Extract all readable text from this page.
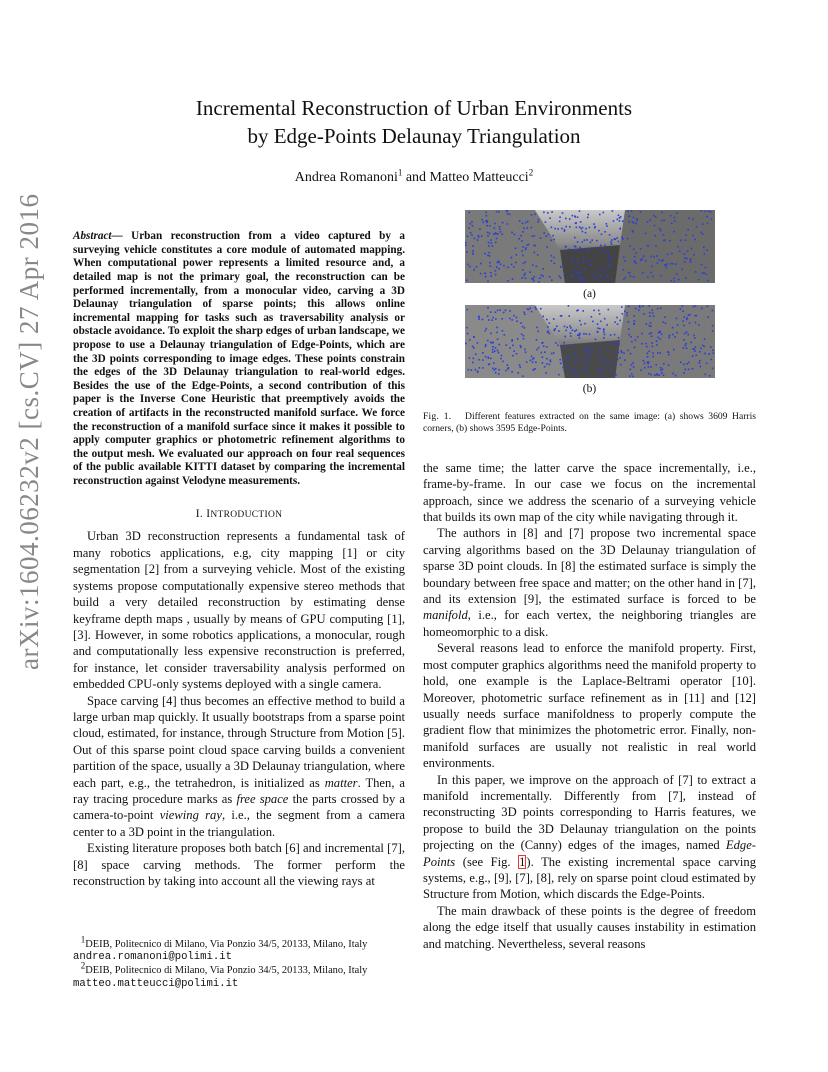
arXiv:1604.06232v2 [cs.CV] 27 Apr 2016
Incremental Reconstruction of Urban Environments
by Edge-Points Delaunay Triangulation
Andrea Romanoni$^1$ and Matteo Matteucci$^2$

Abstract— Urban reconstruction from a video captured by a surveying vehicle constitutes a core module of automated mapping. When computational power represents a limited resource and, a detailed map is not the primary goal, the reconstruction can be performed incrementally, from a monocular video, carving a 3D Delaunay triangulation of sparse points; this allows online incremental mapping for tasks such as traversability analysis or obstacle avoidance. To exploit the sharp edges of urban landscape, we propose to use a Delaunay triangulation of Edge-Points, which are the 3D points corresponding to image edges. These points constrain the edges of the 3D Delaunay triangulation to real-world edges. Besides the use of the Edge-Points, a second contribution of this paper is the Inverse Cone Heuristic that preemptively avoids the creation of artifacts in the reconstructed manifold surface. We force the reconstruction of a manifold surface since it makes it possible to apply computer graphics or photometric refinement algorithms to the output mesh. We evaluated our approach on four real sequences of the public available KITTI dataset by comparing the incremental reconstruction against Velodyne measurements.

I. INTRODUCTION

Urban 3D reconstruction represents a fundamental task of many robotics applications, e.g, city mapping [1] or city segmentation [2] from a surveying vehicle. Most of the existing systems propose computationally expensive stereo methods that build a very detailed reconstruction by estimating dense keyframe depth maps , usually by means of GPU computing [1], [3]. However, in some robotics applications, a monocular, rough and computationally less expensive reconstruction is preferred, for instance, let consider traversability analysis performed on embedded CPU-only systems deployed with a single camera.

Space carving [4] thus becomes an effective method to build a large urban map quickly. It usually bootstraps from a sparse point cloud, estimated, for instance, through Structure from Motion [5]. Out of this sparse point cloud space carving builds a convenient partition of the space, usually a 3D Delaunay triangulation, where each part, e.g., the tetrahedron, is initialized as matter. Then, a ray tracing procedure marks as free space the parts crossed by a camera-to-point viewing ray, i.e., the segment from a camera center to a 3D point in the triangulation.

Existing literature proposes both batch [6] and incremental [7], [8] space carving methods. The former perform the reconstruction by taking into account all the viewing rays at

$^1$DEIB, Politecnico di Milano, Via Ponzio 34/5, 20133, Milano, Italy
andrea.romanoni@polimi.it
$^2$DEIB, Politecnico di Milano, Via Ponzio 34/5, 20133, Milano, Italy
matteo.matteucci@polimi.it
(a)
(b)
Fig. 1. Different features extracted on the same image: (a) shows 3609 Harris corners, (b) shows 3595 Edge-Points.

the same time; the latter carve the space incrementally, i.e., frame-by-frame. In our case we focus on the incremental approach, since we address the scenario of a surveying vehicle that builds its own map of the city while navigating through it.

The authors in [8] and [7] propose two incremental space carving algorithms based on the 3D Delaunay triangulation of sparse 3D point clouds. In [8] the estimated surface is simply the boundary between free space and matter; on the other hand in [7], and its extension [9], the estimated surface is forced to be manifold, i.e., for each vertex, the neighboring triangles are homeomorphic to a disk.

Several reasons lead to enforce the manifold property. First, most computer graphics algorithms need the manifold property to hold, one example is the Laplace-Beltrami operator [10]. Moreover, photometric surface refinement as in [11] and [12] usually needs surface manifoldness to properly compute the gradient flow that minimizes the photometric error. Finally, non-manifold surfaces are usually not realistic in real world environments.

In this paper, we improve on the approach of [7] to extract a manifold incrementally. Differently from [7], instead of reconstructing 3D points corresponding to Harris features, we propose to build the 3D Delaunay triangulation on the points projecting on the (Canny) edges of the images, named Edge-Points (see Fig. 1). The existing incremental space carving systems, e.g., [9], [7], [8], rely on sparse point cloud estimated by Structure from Motion, which discards the Edge-Points.

The main drawback of these points is the degree of freedom along the edge itself that usually causes instability in estimation and matching. Nevertheless, several reasons
